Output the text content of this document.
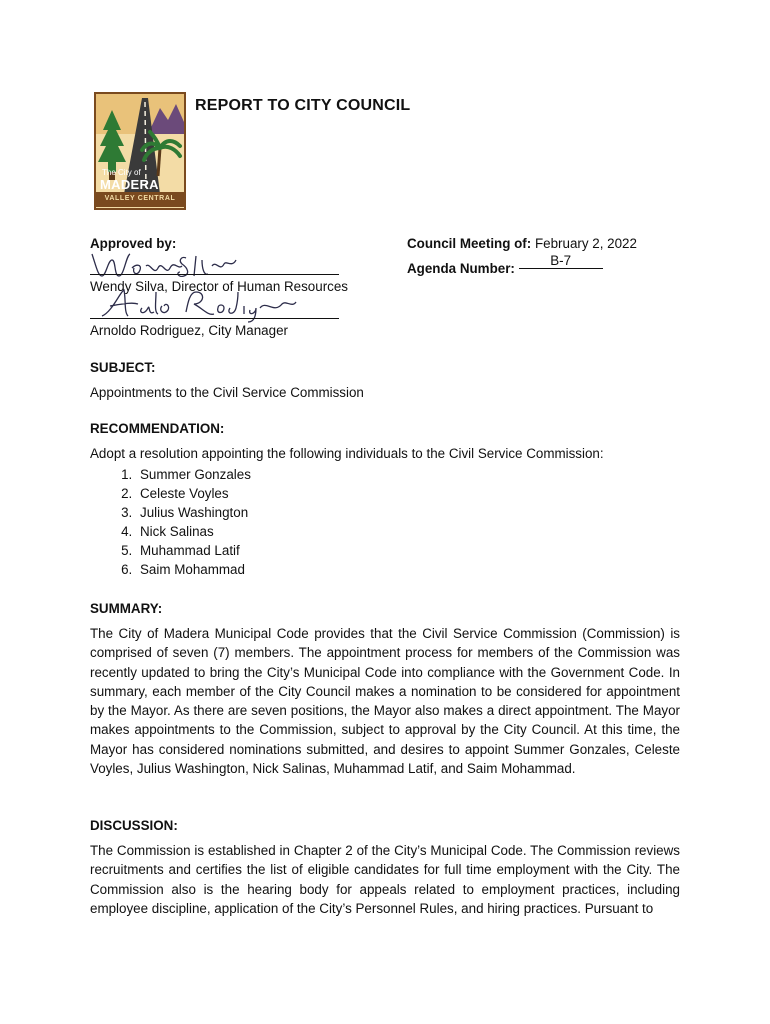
The City of
MADERA
VALLEY CENTRAL
REPORT TO CITY COUNCIL
Approved by:
Wendy Silva, Director of Human Resources
Arnoldo Rodriguez, City Manager
Council Meeting of: February 2, 2022
Agenda Number: B-7
SUBJECT:
Appointments to the Civil Service Commission
RECOMMENDATION:
Adopt a resolution appointing the following individuals to the Civil Service Commission:
1. Summer Gonzales
2. Celeste Voyles
3. Julius Washington
4. Nick Salinas
5. Muhammad Latif
6. Saim Mohammad
SUMMARY:
The City of Madera Municipal Code provides that the Civil Service Commission (Commission) is comprised of seven (7) members. The appointment process for members of the Commission was recently updated to bring the City’s Municipal Code into compliance with the Government Code. In summary, each member of the City Council makes a nomination to be considered for appointment by the Mayor. As there are seven positions, the Mayor also makes a direct appointment. The Mayor makes appointments to the Commission, subject to approval by the City Council. At this time, the Mayor has considered nominations submitted, and desires to appoint Summer Gonzales, Celeste Voyles, Julius Washington, Nick Salinas, Muhammad Latif, and Saim Mohammad.
DISCUSSION:
The Commission is established in Chapter 2 of the City’s Municipal Code. The Commission reviews recruitments and certifies the list of eligible candidates for full time employment with the City. The Commission also is the hearing body for appeals related to employment practices, including employee discipline, application of the City’s Personnel Rules, and hiring practices. Pursuant to
